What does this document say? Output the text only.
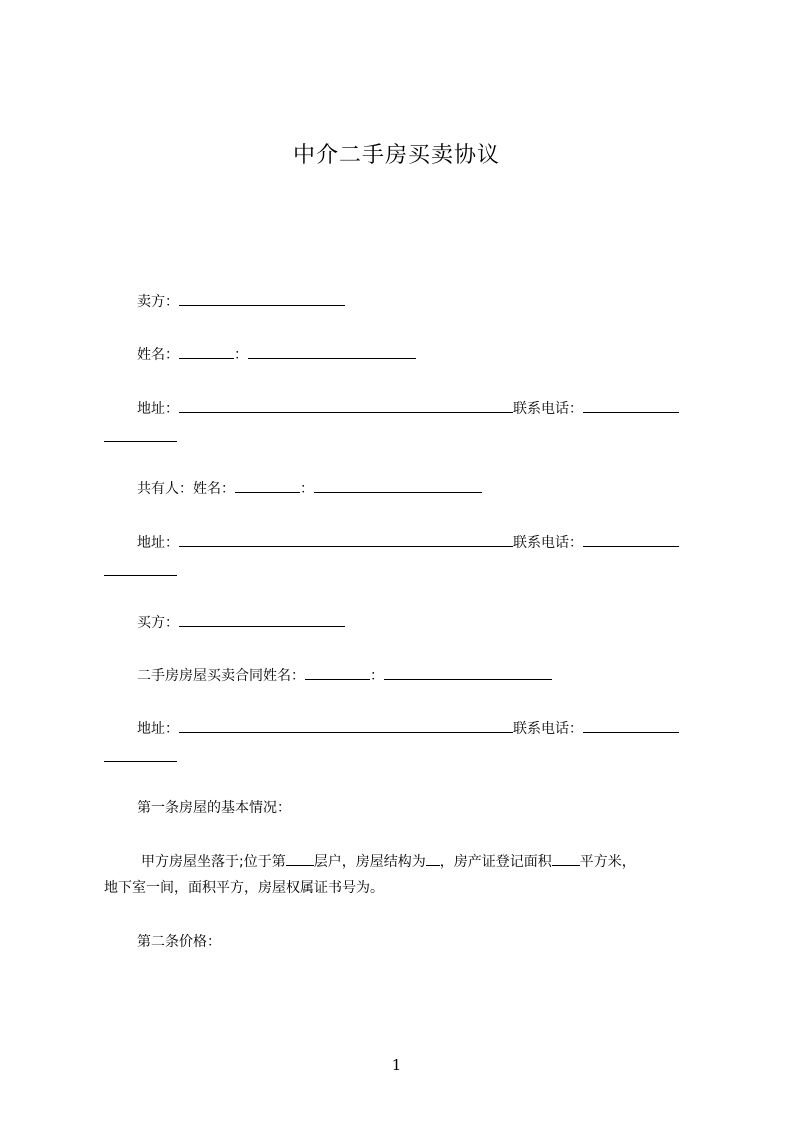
中介二手房买卖协议
卖方：
姓名：	：
地址：	联系电话：
共有人：姓名：	：
地址：	联系电话：
买方：
二手房房屋买卖合同姓名：	：
地址：	联系电话：
第一条房屋的基本情况：
甲方房屋坐落于;位于第 层户，房屋结构为 ，房产证登记面积 平方米，
地下室一间，面积平方，房屋权属证书号为。
第二条价格：
1
